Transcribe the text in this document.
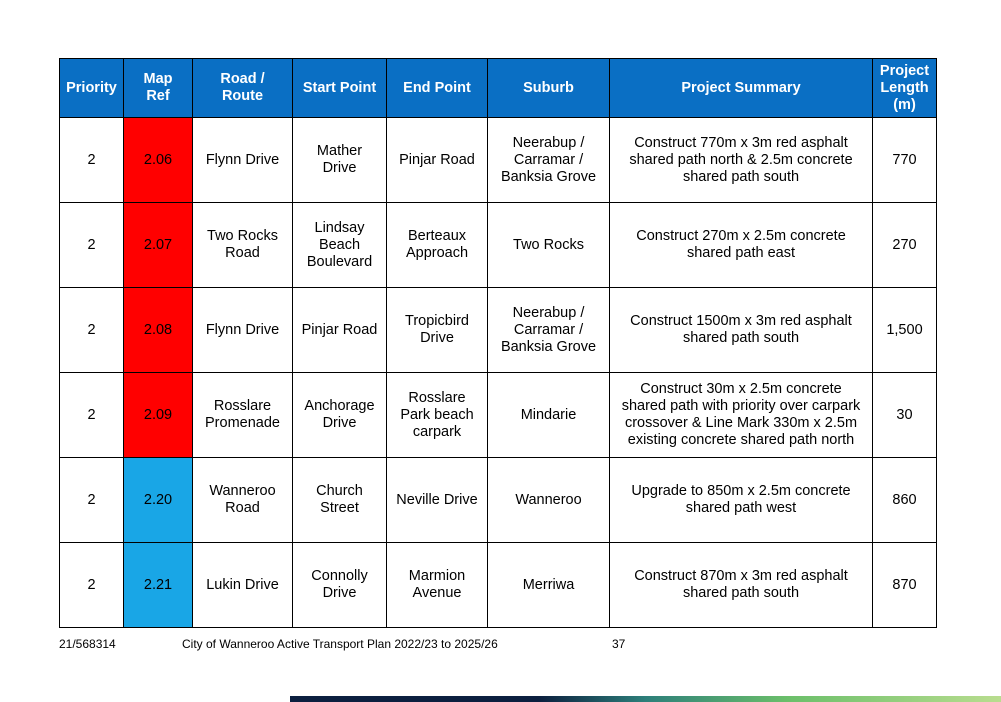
Priority	Map
Ref	Road /
Route	Start Point	End Point	Suburb	Project Summary	Project
Length
(m)
2	2.06	Flynn Drive	Mather
Drive	Pinjar Road	Neerabup /
Carramar /
Banksia Grove	Construct 770m x 3m red asphalt
shared path north & 2.5m concrete
shared path south	770
2	2.07	Two Rocks
Road	Lindsay
Beach
Boulevard	Berteaux
Approach	Two Rocks	Construct 270m x 2.5m concrete
shared path east	270
2	2.08	Flynn Drive	Pinjar Road	Tropicbird
Drive	Neerabup /
Carramar /
Banksia Grove	Construct 1500m x 3m red asphalt
shared path south	1,500
2	2.09	Rosslare
Promenade	Anchorage
Drive	Rosslare
Park beach
carpark	Mindarie	Construct 30m x 2.5m concrete
shared path with priority over carpark
crossover & Line Mark 330m x 2.5m
existing concrete shared path north	30
2	2.20	Wanneroo
Road	Church
Street	Neville Drive	Wanneroo	Upgrade to 850m x 2.5m concrete
shared path west	860
2	2.21	Lukin Drive	Connolly
Drive	Marmion
Avenue	Merriwa	Construct 870m x 3m red asphalt
shared path south	870
21/568314	City of Wanneroo Active Transport Plan 2022/23 to 2025/26	37
